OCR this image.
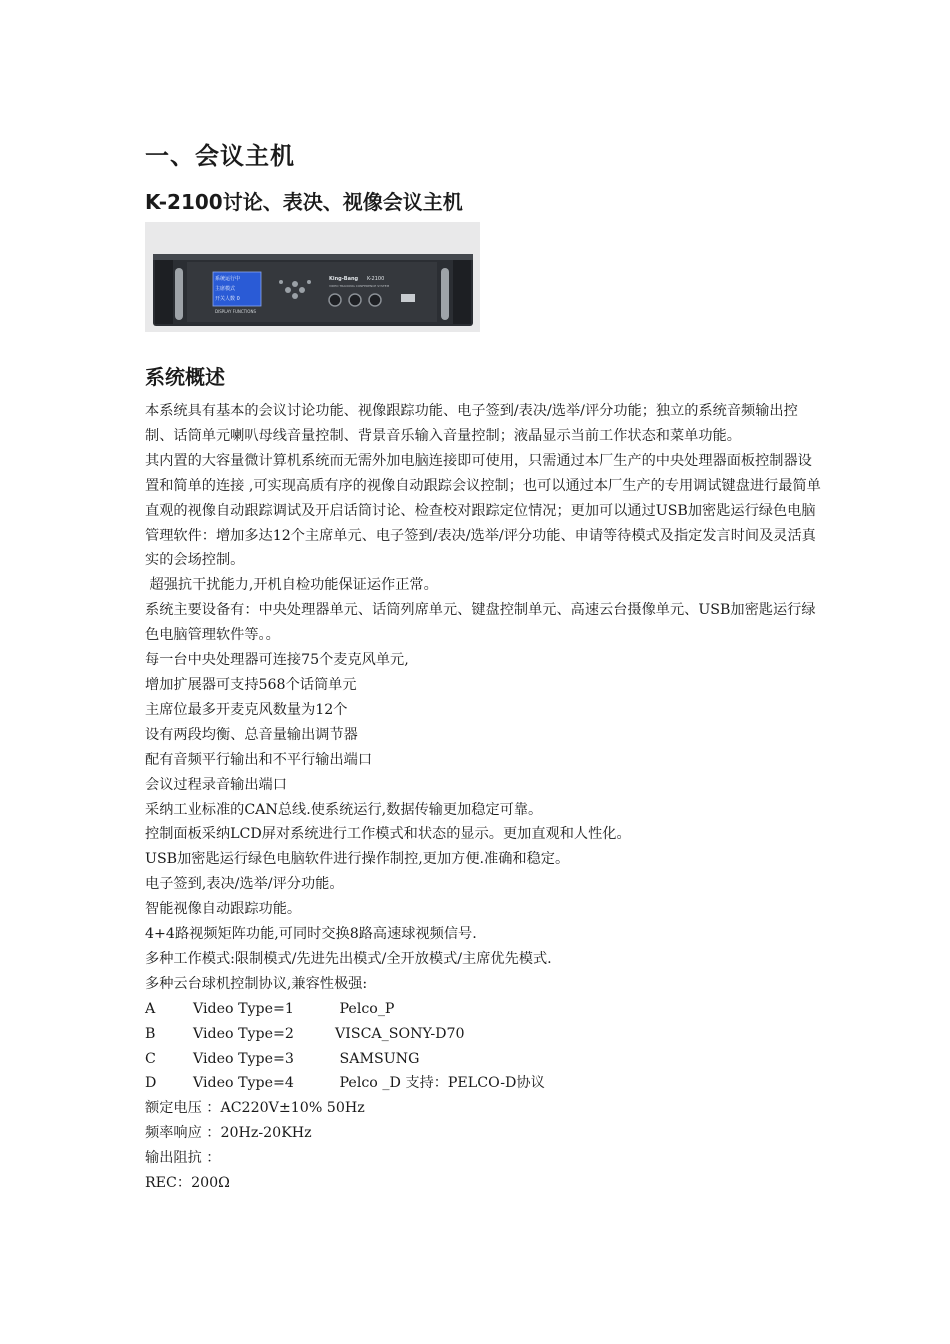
一、会议主机
K-2100讨论、表决、视像会议主机
系统运行中
主席模式
开关人数 0
DISPLAY FUNCTIONS
King-Bang K-2100
VIDEO TRACKING CONFERENCE SYSTEM
系统概述

本系统具有基本的会议讨论功能、视像跟踪功能、电子签到/表决/选举/评分功能；独立的系统音频输出控制、话筒单元喇叭母线音量控制、背景音乐输入音量控制；液晶显示当前工作状态和菜单功能。

其内置的大容量微计算机系统而无需外加电脑连接即可使用，只需通过本厂生产的中央处理器面板控制器设置和简单的连接 ,可实现高质有序的视像自动跟踪会议控制；也可以通过本厂生产的专用调试键盘进行最简单直观的视像自动跟踪调试及开启话筒讨论、检查校对跟踪定位情况；更加可以通过USB加密匙运行绿色电脑管理软件：增加多达12个主席单元、电子签到/表决/选举/评分功能、申请等待模式及指定发言时间及灵活真实的会场控制。

超强抗干扰能力,开机自检功能保证运作正常。

系统主要设备有：中央处理器单元、话筒列席单元、键盘控制单元、高速云台摄像单元、USB加密匙运行绿色电脑管理软件等。。

每一台中央处理器可连接75个麦克风单元,

增加扩展器可支持568个话筒单元

主席位最多开麦克风数量为12个

设有两段均衡、总音量输出调节器

配有音频平行输出和不平行输出端口

会议过程录音输出端口

采纳工业标准的CAN总线.使系统运行,数据传输更加稳定可靠。

控制面板采纳LCD屏对系统进行工作模式和状态的显示。更加直观和人性化。

USB加密匙运行绿色电脑软件进行操作制控,更加方便.准确和稳定。

电子签到,表决/选举/评分功能。

智能视像自动跟踪功能。

4+4路视频矩阵功能,可同时交换8路高速球视频信号.

多种工作模式:限制模式/先进先出模式/全开放模式/主席优先模式.

多种云台球机控制协议,兼容性极强:

A	Video Type=1	Pelco_P
B	Video Type=2	VISCA_SONY-D70
C	Video Type=3	SAMSUNG
D	Video Type=4	Pelco _D 支持：PELCO-D协议

额定电压 ：AC220V±10% 50Hz

频率响应 ：20Hz-20KHz

输出阻抗 ：

REC：200Ω
